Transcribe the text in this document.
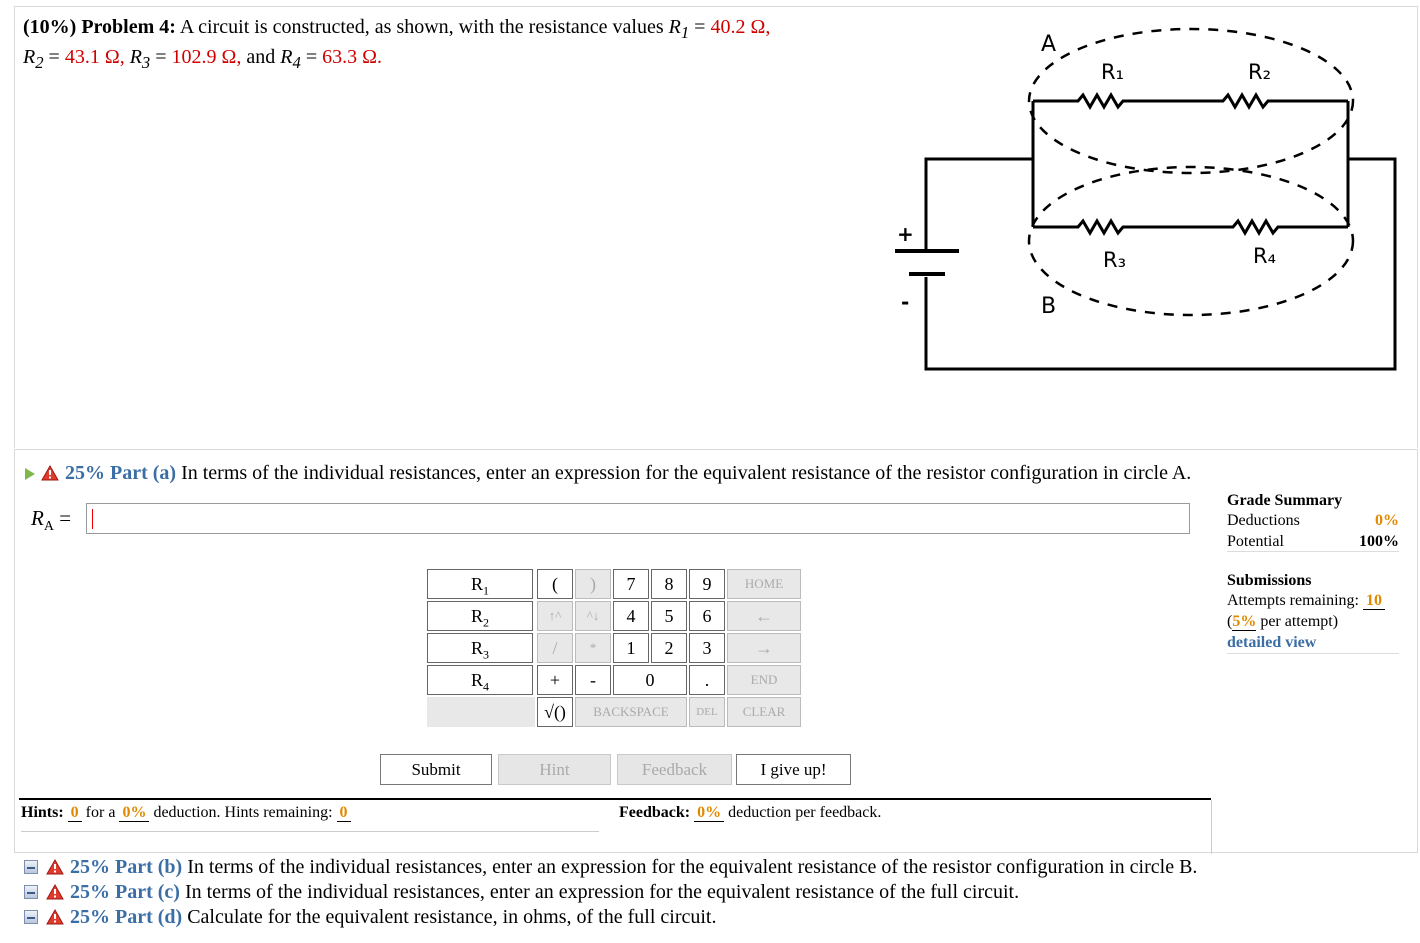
(10%) Problem 4: A circuit is constructed, as shown, with the resistance values $R_1 = 40.2$ Ω,
$R_2 = 43.1$ Ω, $R_3 = 102.9$ Ω, and $R_4 = 63.3$ Ω.
+
-
A
B
R₁	R₂
R₃	R₄
25% Part (a) In terms of the individual resistances, enter an expression for the equivalent resistance of the resistor configuration in circle A.
$R_A$ =
$R_1$
$R_2$
$R_3$
$R_4$
(	)
↑^	^↓
/	*
+	-
√()	BACKSPACE
7	8	9
4	5	6
1	2	3
0	.
DEL
HOME
←
→
END
CLEAR
Submit	Hint	Feedback	I give up!
Grade Summary
Deductions	0%
Potential	100%
Submissions
Attempts remaining: 10
(5% per attempt)
detailed view
Hints: 0 for a 0% deduction. Hints remaining: 0	Feedback: 0% deduction per feedback.
25% Part (b) In terms of the individual resistances, enter an expression for the equivalent resistance of the resistor configuration in circle B.
25% Part (c) In terms of the individual resistances, enter an expression for the equivalent resistance of the full circuit.
25% Part (d) Calculate for the equivalent resistance, in ohms, of the full circuit.
